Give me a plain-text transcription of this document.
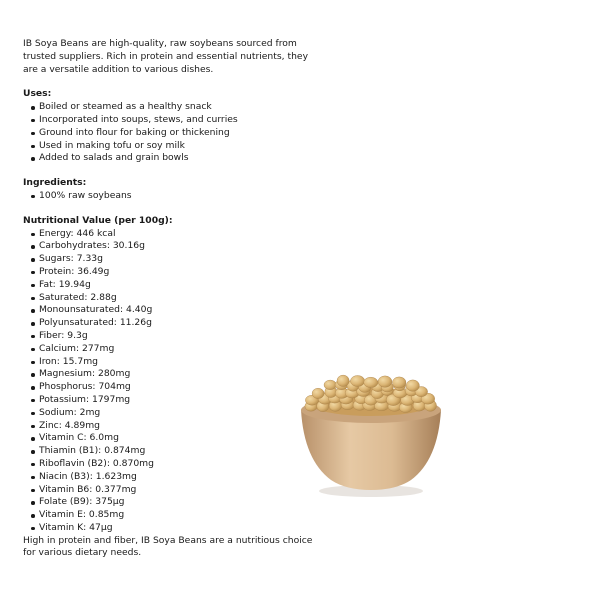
IB Soya Beans are high-quality, raw soybeans sourced from trusted suppliers. Rich in protein and essential nutrients, they are a versatile addition to various dishes.

Uses:

Boiled or steamed as a healthy snack
Incorporated into soups, stews, and curries
Ground into flour for baking or thickening
Used in making tofu or soy milk
Added to salads and grain bowls

Ingredients:

100% raw soybeans

Nutritional Value (per 100g):

Energy: 446 kcal
Carbohydrates: 30.16g
Sugars: 7.33g
Protein: 36.49g
Fat: 19.94g
Saturated: 2.88g
Monounsaturated: 4.40g
Polyunsaturated: 11.26g
Fiber: 9.3g
Calcium: 277mg
Iron: 15.7mg
Magnesium: 280mg
Phosphorus: 704mg
Potassium: 1797mg
Sodium: 2mg
Zinc: 4.89mg
Vitamin C: 6.0mg
Thiamin (B1): 0.874mg
Riboflavin (B2): 0.870mg
Niacin (B3): 1.623mg
Vitamin B6: 0.377mg
Folate (B9): 375µg
Vitamin E: 0.85mg
Vitamin K: 47µg

High in protein and fiber, IB Soya Beans are a nutritious choice for various dietary needs.
